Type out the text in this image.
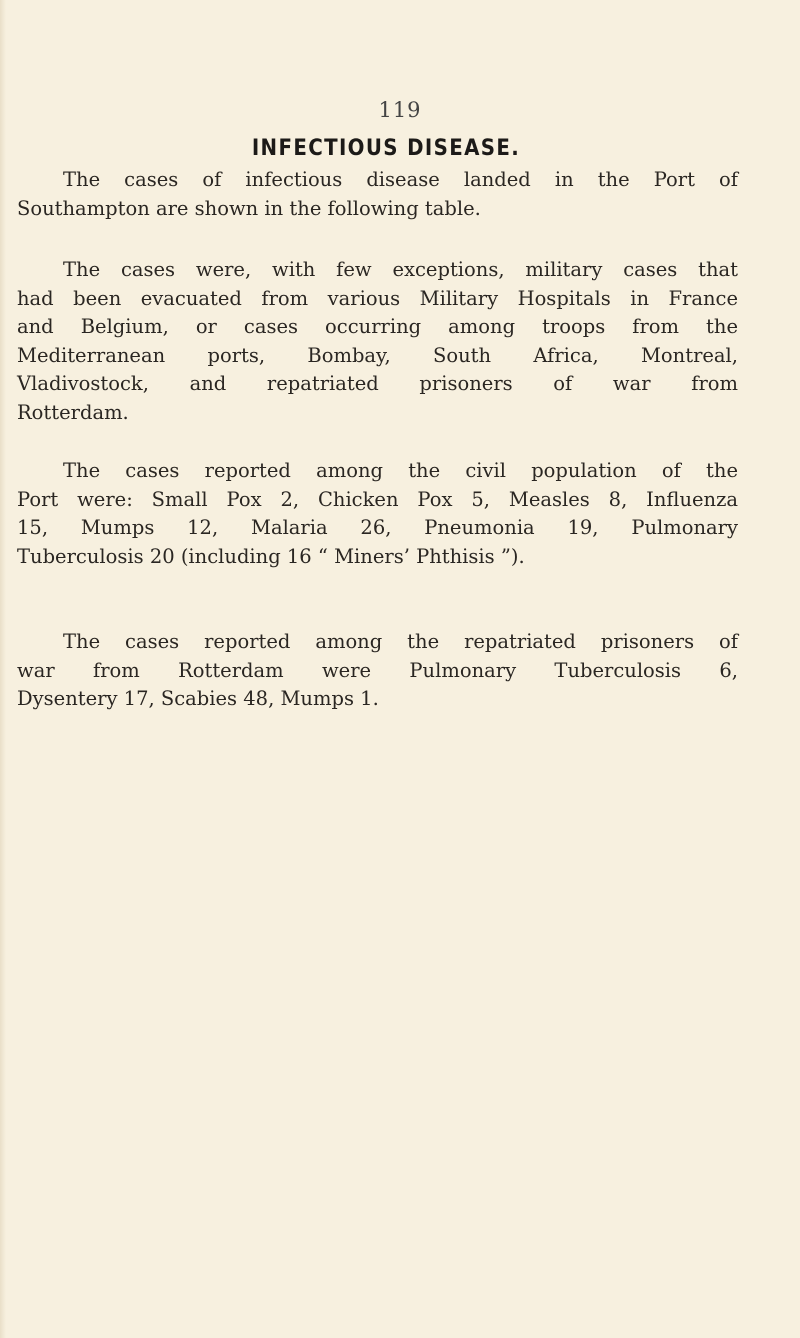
119
INFECTIOUS DISEASE.
The cases of infectious disease landed in the Port of
Southampton are shown in the following table.
The cases were, with few exceptions, military cases that
had been evacuated from various Military Hospitals in France
and Belgium, or cases occurring among troops from the
Mediterranean ports, Bombay, South Africa, Montreal,
Vladivostock, and repatriated prisoners of war from
Rotterdam.
The cases reported among the civil population of the
Port were: Small Pox 2, Chicken Pox 5, Measles 8, Influenza
15, Mumps 12, Malaria 26, Pneumonia 19, Pulmonary
Tuberculosis 20 (including 16 “ Miners’ Phthisis ”).
The cases reported among the repatriated prisoners of
war from Rotterdam were Pulmonary Tuberculosis 6,
Dysentery 17, Scabies 48, Mumps 1.
